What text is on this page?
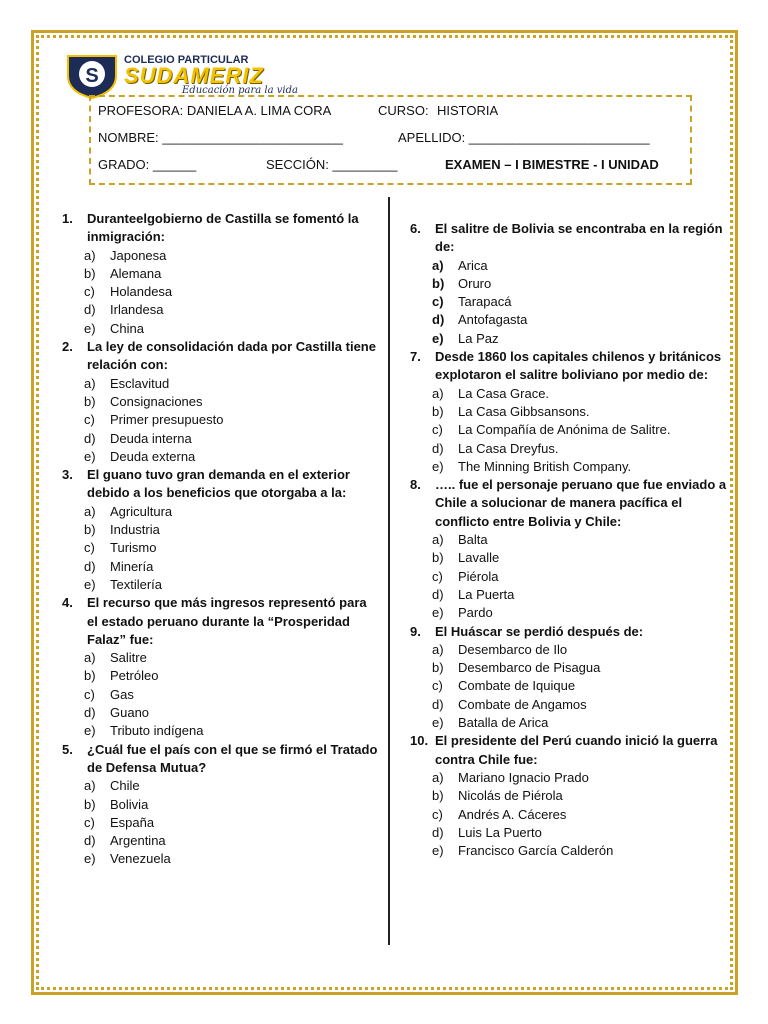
S
COLEGIO PARTICULAR
SUDAMERIZ
Educación para la vida
PROFESORA: DANIELA A. LIMA CORA	CURSO: HISTORIA
NOMBRE: _________________________	APELLIDO: _________________________
GRADO: ______	SECCIÓN: _________	EXAMEN – I BIMESTRE - I UNIDAD
1.	Duranteelgobierno de Castilla se fomentó la inmigración:
a)	Japonesa
b)	Alemana
c)	Holandesa
d)	Irlandesa
e)	China
2.	La ley de consolidación dada por Castilla tiene relación con:
a)	Esclavitud
b)	Consignaciones
c)	Primer presupuesto
d)	Deuda interna
e)	Deuda externa
3.	El guano tuvo gran demanda en el exterior debido a los beneficios que otorgaba a la:
a)	Agricultura
b)	Industria
c)	Turismo
d)	Minería
e)	Textilería
4.	El recurso que más ingresos representó para el estado peruano durante la “Prosperidad Falaz” fue:
a)	Salitre
b)	Petróleo
c)	Gas
d)	Guano
e)	Tributo indígena
5.	¿Cuál fue el país con el que se firmó el Tratado de Defensa Mutua?
a)	Chile
b)	Bolivia
c)	España
d)	Argentina
e)	Venezuela
6.	El salitre de Bolivia se encontraba en la región de:
a)	Arica
b)	Oruro
c)	Tarapacá
d)	Antofagasta
e)	La Paz
7.	Desde 1860 los capitales chilenos y británicos explotaron el salitre boliviano por medio de:
a)	La Casa Grace.
b)	La Casa Gibbsansons.
c)	La Compañía de Anónima de Salitre.
d)	La Casa Dreyfus.
e)	The Minning British Company.
8.	….. fue el personaje peruano que fue enviado a Chile a solucionar de manera pacífica el conflicto entre Bolivia y Chile:
a)	Balta
b)	Lavalle
c)	Piérola
d)	La Puerta
e)	Pardo
9.	El Huáscar se perdió después de:
a)	Desembarco de Ilo
b)	Desembarco de Pisagua
c)	Combate de Iquique
d)	Combate de Angamos
e)	Batalla de Arica
10. El presidente del Perú cuando inició la guerra contra Chile fue:
a)	Mariano Ignacio Prado
b)	Nicolás de Piérola
c)	Andrés A. Cáceres
d)	Luis La Puerto
e)	Francisco García Calderón
